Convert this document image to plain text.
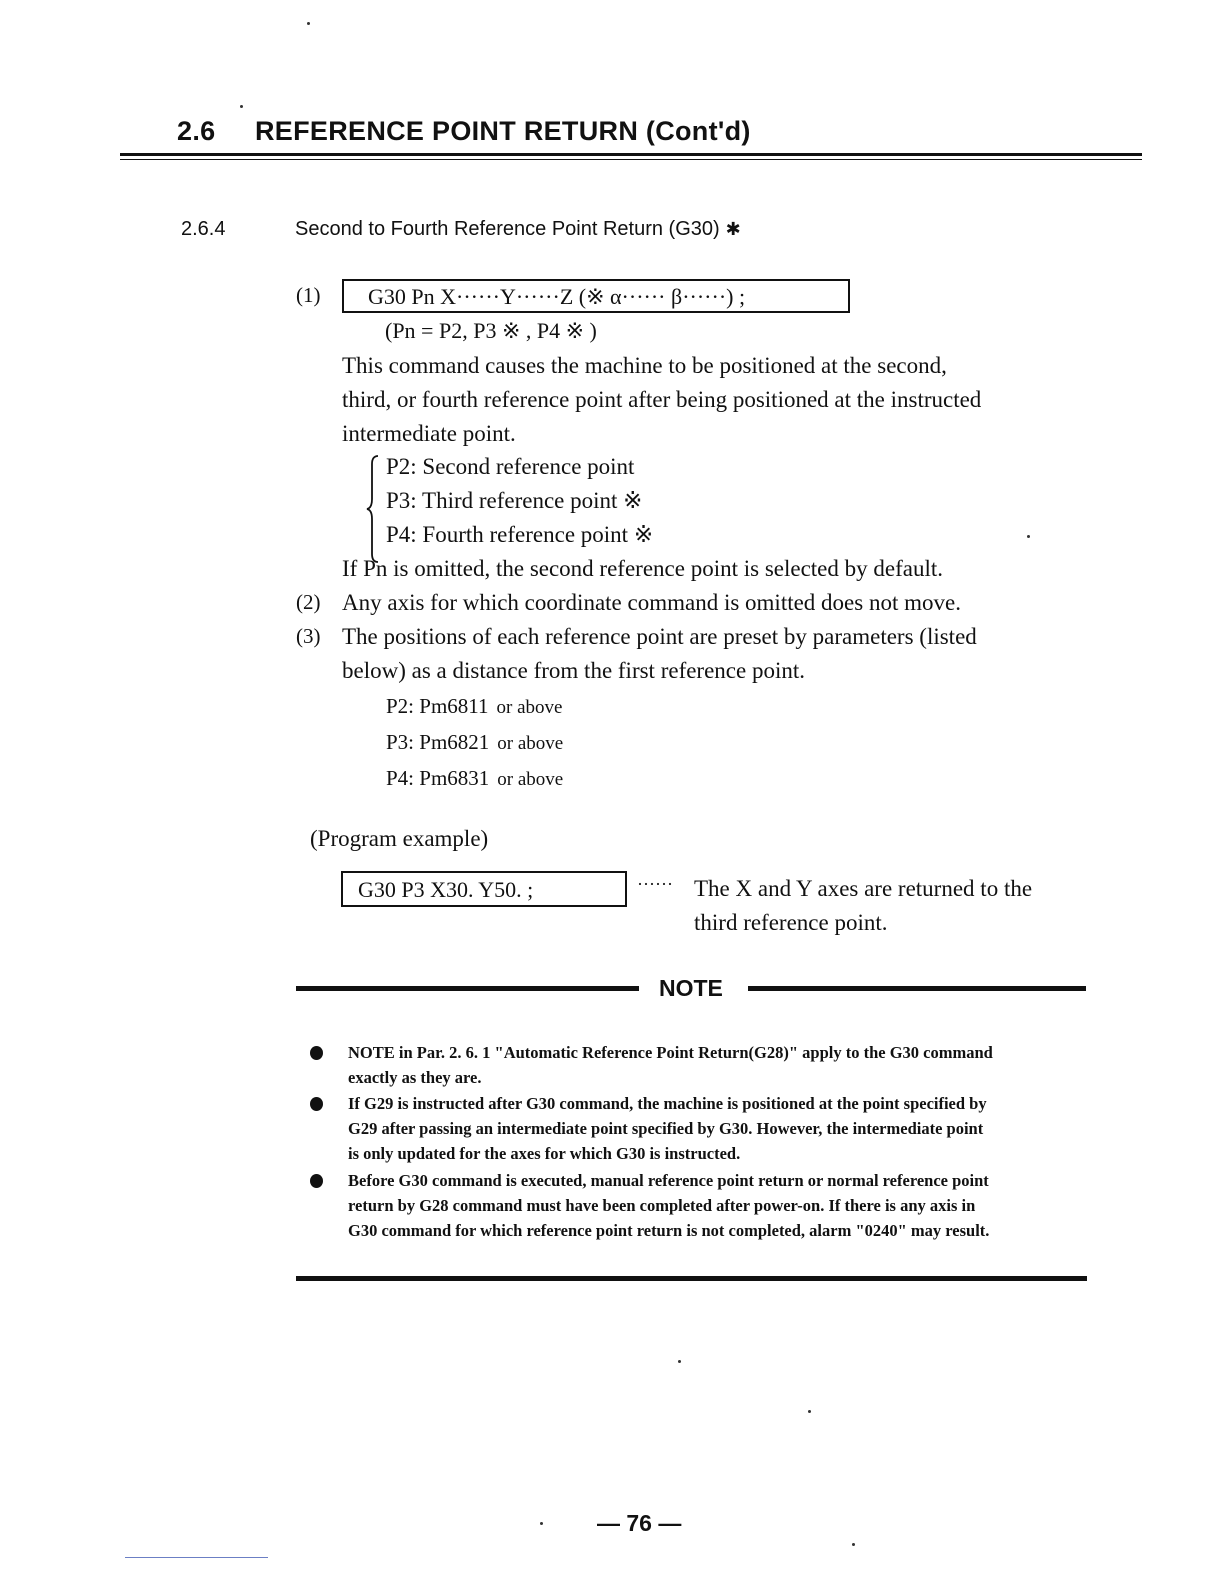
2.6 REFERENCE POINT RETURN (Cont'd)
2.6.4	Second to Fourth Reference Point Return (G30) ✱
(1)	G30 Pn X······Y······Z (※ α······ β······) ;
(Pn = P2, P3 ※ , P4 ※ )
This command causes the machine to be positioned at the second,
third, or fourth reference point after being positioned at the instructed
intermediate point.
P2: Second reference point
P3: Third reference point ※
P4: Fourth reference point ※
If Pn is omitted, the second reference point is selected by default.
(2) Any axis for which coordinate command is omitted does not move.
(3) The positions of each reference point are preset by parameters (listed
below) as a distance from the first reference point.
P2: Pm6811 or above
P3: Pm6821 or above
P4: Pm6831 or above
(Program example)
G30 P3 X30. Y50. ;	······ The X and Y axes are returned to the
third reference point.
NOTE
NOTE in Par. 2. 6. 1 "Automatic Reference Point Return(G28)" apply to the G30 command
exactly as they are.
If G29 is instructed after G30 command, the machine is positioned at the point specified by
G29 after passing an intermediate point specified by G30. However, the intermediate point
is only updated for the axes for which G30 is instructed.
Before G30 command is executed, manual reference point return or normal reference point
return by G28 command must have been completed after power-on. If there is any axis in
G30 command for which reference point return is not completed, alarm "0240" may result.
— 76 —
